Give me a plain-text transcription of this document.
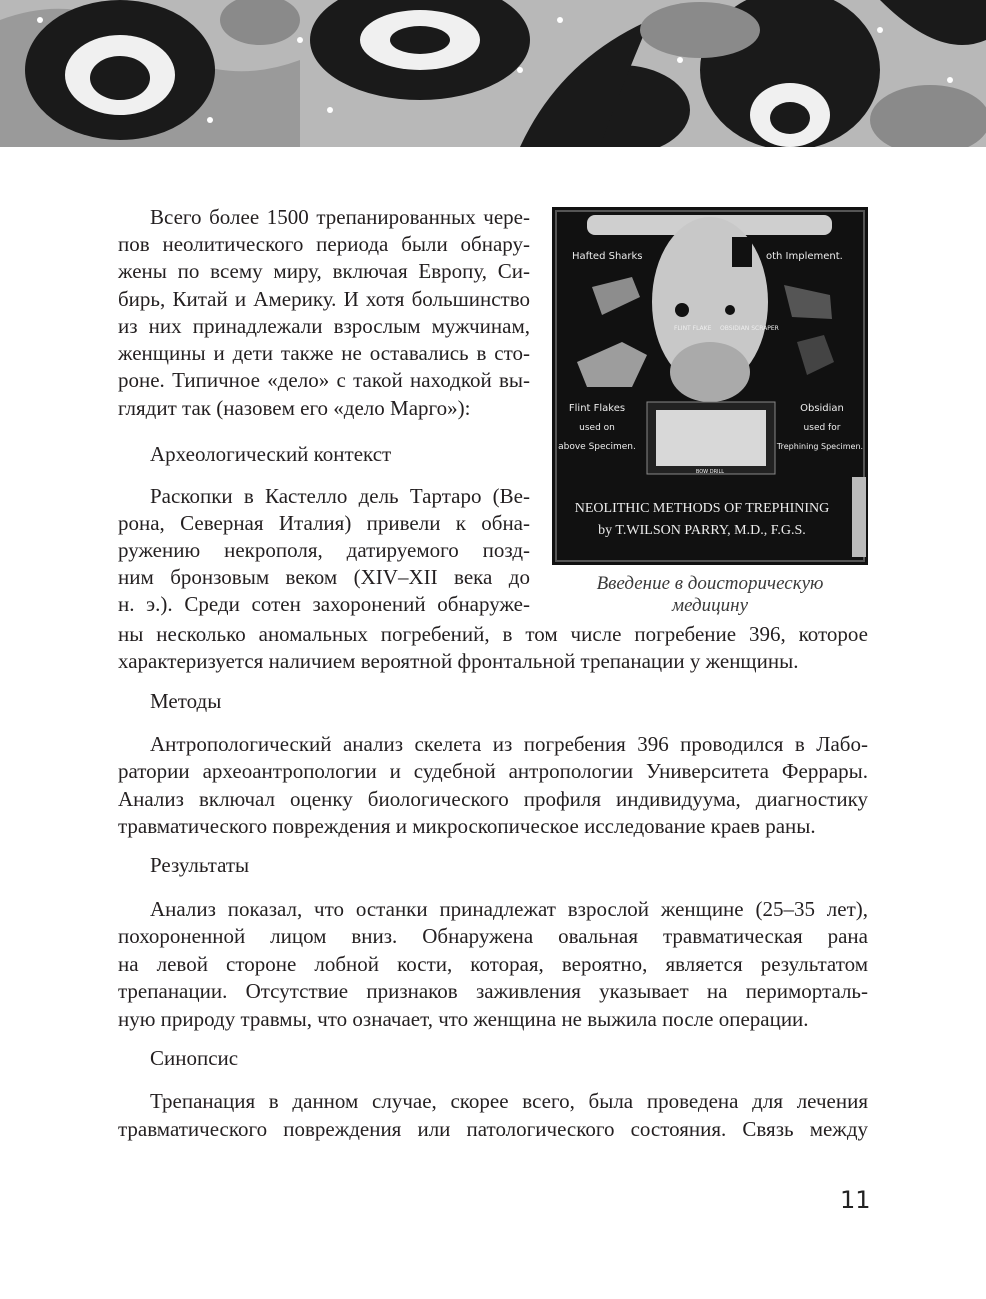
Hafted Sharks	oth Implement.
FLINT FLAKE OBSIDIAN SCRAPER
Flint Flakes
used on
above Specimen.
Obsidian
used for
Trephining Specimen.
BOW DRILL
NEOLITHIC METHODS OF TREPHINING
by T.WILSON PARRY, M.D., F.G.S.
Введение в доисторическую
медицину
Всего более 1500 трепанированных чере-
пов неолитического периода были обнару-
жены по всему миру, включая Европу, Си-
бирь, Китай и Америку. И хотя большинство
из них принадлежали взрослым мужчинам,
женщины и дети также не оставались в сто-
роне. Типичное «дело» с такой находкой вы-
глядит так (назовем его «дело Марго»):
Археологический контекст
Раскопки в Кастелло дель Тартаро (Ве-
рона, Северная Италия) привели к обна-
ружению некрополя, датируемого позд-
ним бронзовым веком (XIV–XII века до
н. э.). Среди сотен захоронений обнаруже-
ны несколько аномальных погребений, в том числе погребение 396, которое
характеризуется наличием вероятной фронтальной трепанации у женщины.
Методы
Антропологический анализ скелета из погребения 396 проводился в Лабо-
ратории археоантропологии и судебной антропологии Университета Феррары.
Анализ включал оценку биологического профиля индивидуума, диагностику
травматического повреждения и микроскопическое исследование краев раны.
Результаты
Анализ показал, что останки принадлежат взрослой женщине (25–35 лет),
похороненной лицом вниз. Обнаружена овальная травматическая рана
на левой стороне лобной кости, которая, вероятно, является результатом
трепанации. Отсутствие признаков заживления указывает на периморталь-
ную природу травмы, что означает, что женщина не выжила после операции.
Синопсис
Трепанация в данном случае, скорее всего, была проведена для лечения
травматического повреждения или патологического состояния. Связь между
11
